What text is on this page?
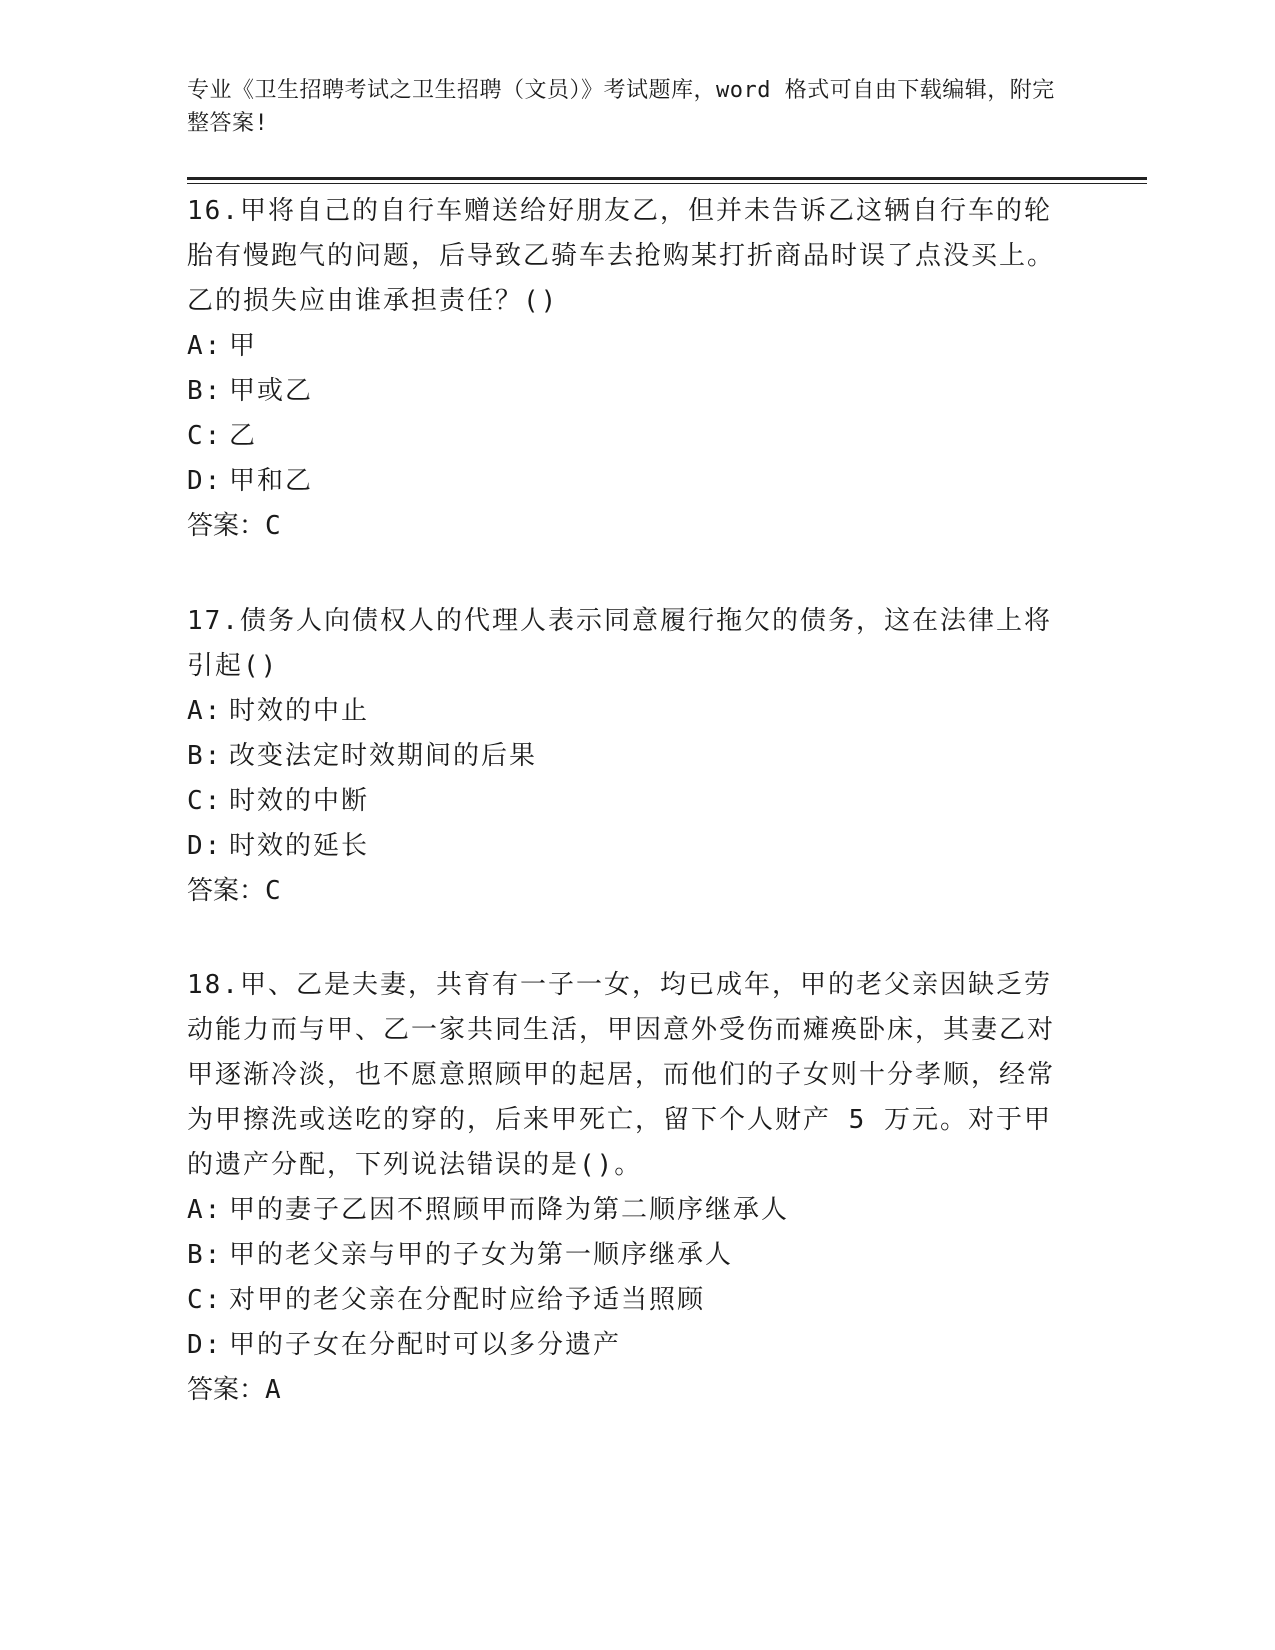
专业《卫生招聘考试之卫生招聘（文员）》考试题库，word 格式可自由下载编辑，附完整答案!
16.甲将自己的自行车赠送给好朋友乙，但并未告诉乙这辆自行车的轮胎有慢跑气的问题，后导致乙骑车去抢购某打折商品时误了点没买上。乙的损失应由谁承担责任？()
A: 甲
B: 甲或乙
C: 乙
D: 甲和乙
答案：C
17.债务人向债权人的代理人表示同意履行拖欠的债务，这在法律上将引起()
A: 时效的中止
B: 改变法定时效期间的后果
C: 时效的中断
D: 时效的延长
答案：C
18.甲、乙是夫妻，共育有一子一女，均已成年，甲的老父亲因缺乏劳动能力而与甲、乙一家共同生活，甲因意外受伤而瘫痪卧床，其妻乙对甲逐渐冷淡，也不愿意照顾甲的起居，而他们的子女则十分孝顺，经常为甲擦洗或送吃的穿的，后来甲死亡，留下个人财产 5 万元。对于甲的遗产分配，下列说法错误的是()。
A: 甲的妻子乙因不照顾甲而降为第二顺序继承人
B: 甲的老父亲与甲的子女为第一顺序继承人
C: 对甲的老父亲在分配时应给予适当照顾
D: 甲的子女在分配时可以多分遗产
答案：A
